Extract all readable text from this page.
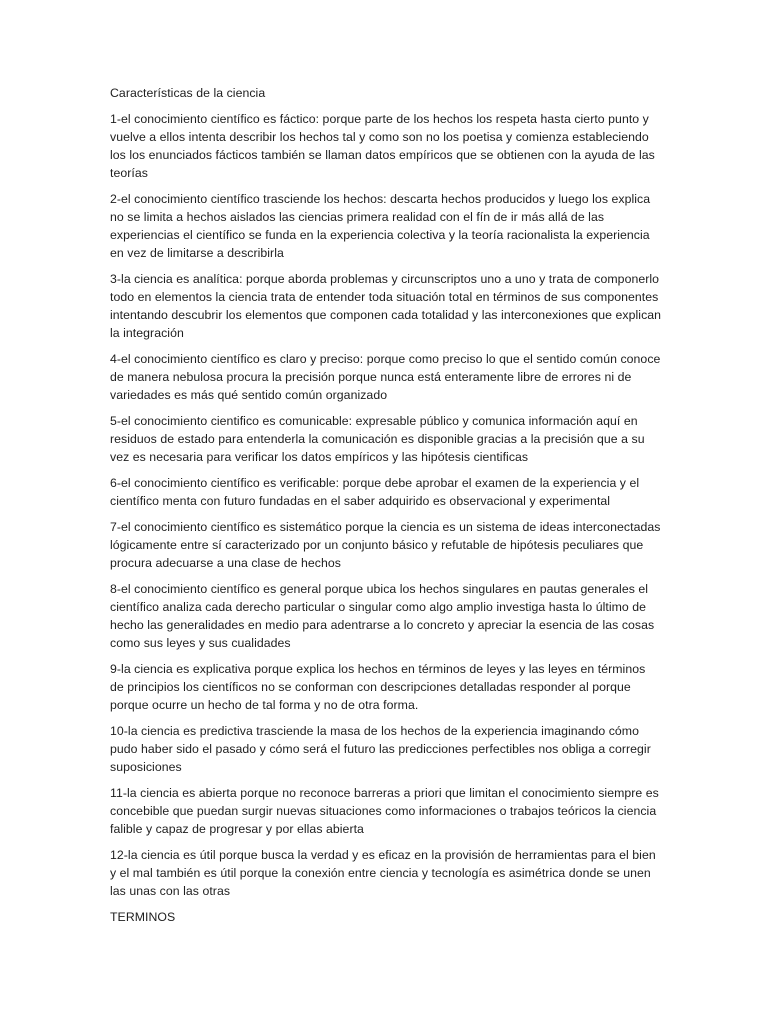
Características de la ciencia

1-el conocimiento científico es fáctico: porque parte de los hechos los respeta hasta cierto punto y vuelve a ellos intenta describir los hechos tal y como son no los poetisa y comienza estableciendo los los enunciados fácticos también se llaman datos empíricos que se obtienen con la ayuda de las teorías

2-el conocimiento científico trasciende los hechos: descarta hechos producidos y luego los explica no se limita a hechos aislados las ciencias primera realidad con el fín de ir más allá de las experiencias el científico se funda en la experiencia colectiva y la teoría racionalista la experiencia en vez de limitarse a describirla

3-la ciencia es analítica: porque aborda problemas y circunscriptos uno a uno y trata de componerlo todo en elementos la ciencia trata de entender toda situación total en términos de sus componentes intentando descubrir los elementos que componen cada totalidad y las interconexiones que explican la integración

4-el conocimiento científico es claro y preciso: porque como preciso lo que el sentido común conoce de manera nebulosa procura la precisión porque nunca está enteramente libre de errores ni de variedades es más qué sentido común organizado

5-el conocimiento cientifico es comunicable: expresable público y comunica información aquí en residuos de estado para entenderla la comunicación es disponible gracias a la precisión que a su vez es necesaria para verificar los datos empíricos y las hipótesis cientificas

6-el conocimiento científico es verificable: porque debe aprobar el examen de la experiencia y el científico menta con futuro fundadas en el saber adquirido es observacional y experimental

7-el conocimiento científico es sistemático porque la ciencia es un sistema de ideas interconectadas lógicamente entre sí caracterizado por un conjunto básico y refutable de hipótesis peculiares que procura adecuarse a una clase de hechos

8-el conocimiento científico es general porque ubica los hechos singulares en pautas generales el científico analiza cada derecho particular o singular como algo amplio investiga hasta lo último de hecho las generalidades en medio para adentrarse a lo concreto y apreciar la esencia de las cosas como sus leyes y sus cualidades

9-la ciencia es explicativa porque explica los hechos en términos de leyes y las leyes en términos de principios los científicos no se conforman con descripciones detalladas responder al porque porque ocurre un hecho de tal forma y no de otra forma.

10-la ciencia es predictiva trasciende la masa de los hechos de la experiencia imaginando cómo pudo haber sido el pasado y cómo será el futuro las predicciones perfectibles nos obliga a corregir suposiciones

11-la ciencia es abierta porque no reconoce barreras a priori que limitan el conocimiento siempre es concebible que puedan surgir nuevas situaciones como informaciones o trabajos teóricos la ciencia falible y capaz de progresar y por ellas abierta

12-la ciencia es útil porque busca la verdad y es eficaz en la provisión de herramientas para el bien y el mal también es útil porque la conexión entre ciencia y tecnología es asimétrica donde se unen las unas con las otras

TERMINOS
